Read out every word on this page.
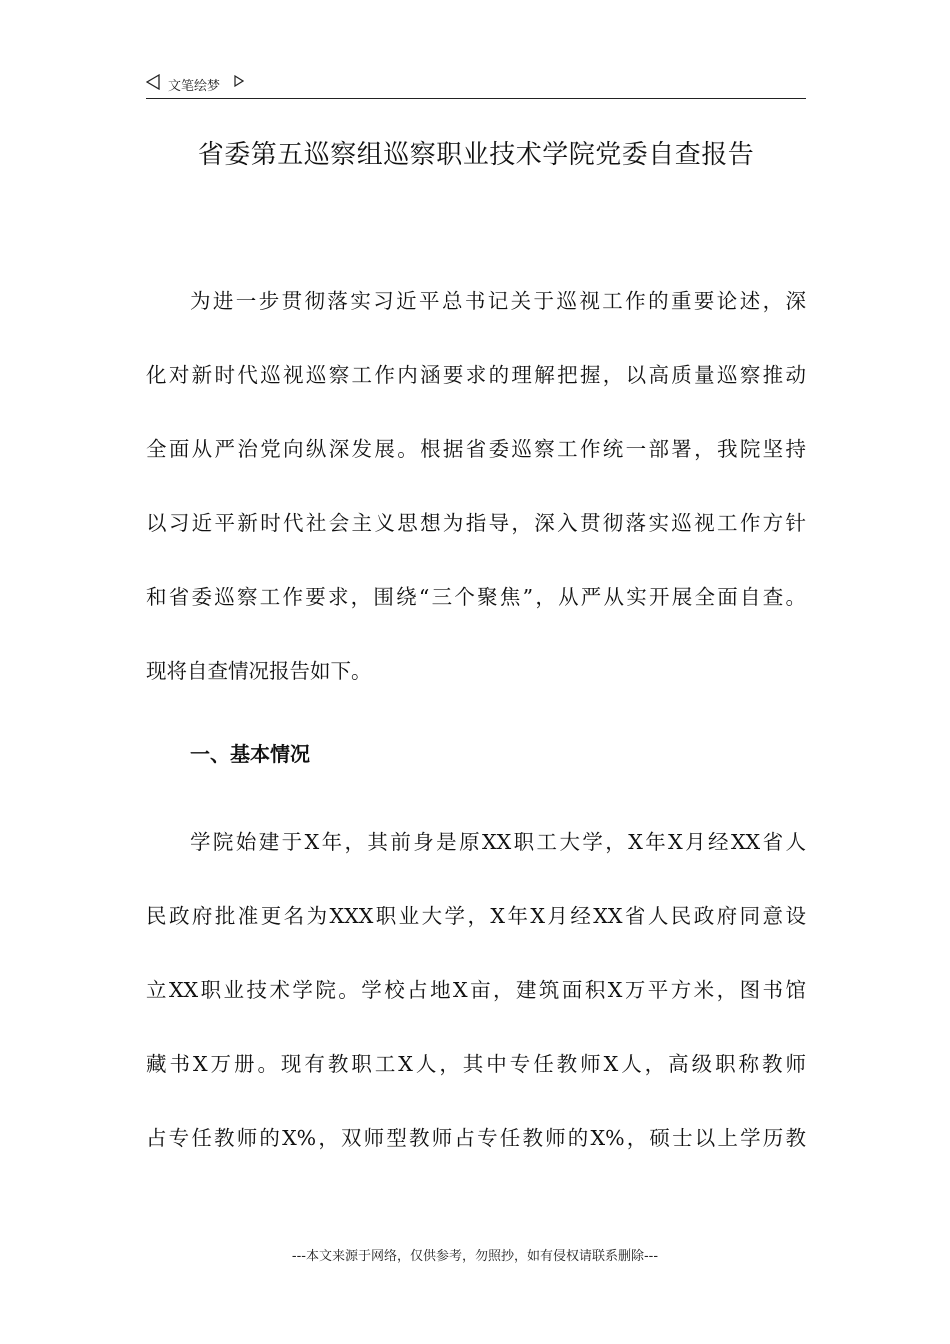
文笔绘梦
省委第五巡察组巡察职业技术学院党委自查报告
为进一步贯彻落实习近平总书记关于巡视工作的重要论述，深
化对新时代巡视巡察工作内涵要求的理解把握，以高质量巡察推动
全面从严治党向纵深发展。根据省委巡察工作统一部署，我院坚持
以习近平新时代社会主义思想为指导，深入贯彻落实巡视工作方针
和省委巡察工作要求，围绕“三个聚焦”，从严从实开展全面自查。
现将自查情况报告如下。
一、基本情况
学院始建于X年，其前身是原XX职工大学，X年X月经XX省人
民政府批准更名为XXX职业大学，X年X月经XX省人民政府同意设
立XX职业技术学院。学校占地X亩，建筑面积X万平方米，图书馆
藏书X万册。现有教职工X人，其中专任教师X人，高级职称教师
占专任教师的X%，双师型教师占专任教师的X%，硕士以上学历教
---本文来源于网络，仅供参考，勿照抄，如有侵权请联系删除---
